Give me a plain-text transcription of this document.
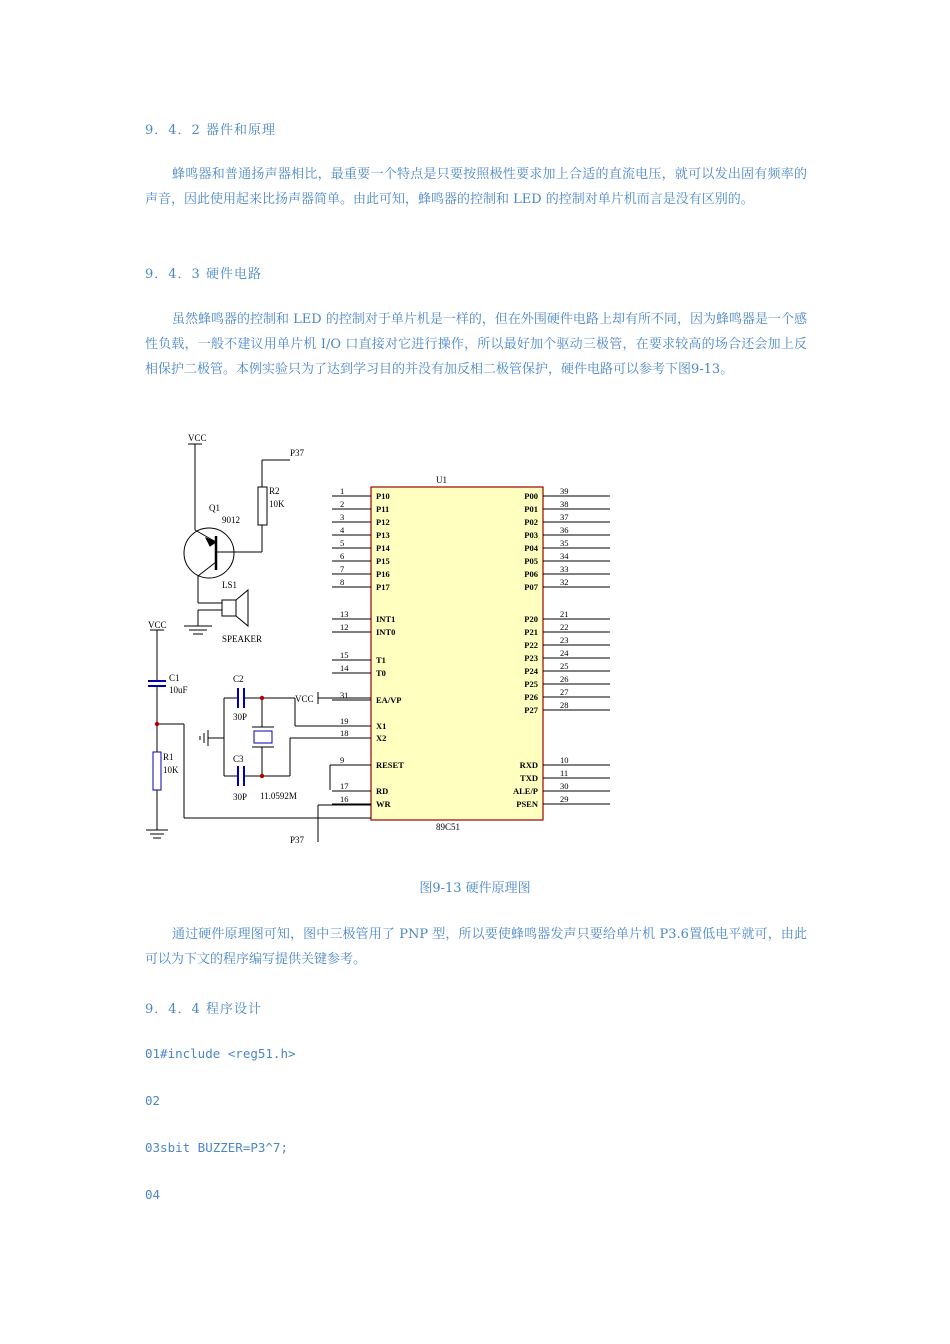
9．4．2 器件和原理

蜂鸣器和普通扬声器相比，最重要一个特点是只要按照极性要求加上合适的直流电压，就可以发出固有频率的声音，因此使用起来比扬声器简单。由此可知，蜂鸣器的控制和 LED 的控制对单片机而言是没有区别的。

9．4．3 硬件电路

虽然蜂鸣器的控制和 LED 的控制对于单片机是一样的，但在外围硬件电路上却有所不同，因为蜂鸣器是一个感性负载，一般不建议用单片机 I/O 口直接对它进行操作，所以最好加个驱动三极管，在要求较高的场合还会加上反相保护二极管。本例实验只为了达到学习目的并没有加反相二极管保护，硬件电路可以参考下图9-13。

1	P10
2	P11
3	P12
4	P13
5	P14
6	P15
7	P16
8	P17
13	INT1
12	INT0
15	T1
14	T0
31	EA/VP
19	X1
18	X2
9	RESET
17	RD
16	WR
39
P00
38
P01
37
P02
36
P03
35
P04
34
P05
33
P06
32
P07
21
P20
22
P21
23
P22
24
P23
25
P24
26
P25
27
P26
28
P27
10
RXD
11
TXD
30
ALE/P
29
PSEN
VCC
P37
R2
10K
Q1
9012
LS1
SPEAKER
VCC
C1
10uF
R1
10K
C2
30P
C3
30P 11.0592M
VCC
P37
U1
89C51

图9-13 硬件原理图

通过硬件原理图可知，图中三极管用了 PNP 型，所以要使蜂鸣器发声只要给单片机 P3.6置低电平就可，由此可以为下文的程序编写提供关键参考。

9．4．4 程序设计

01#include <reg51.h>

02

03sbit BUZZER=P3^7;

04
